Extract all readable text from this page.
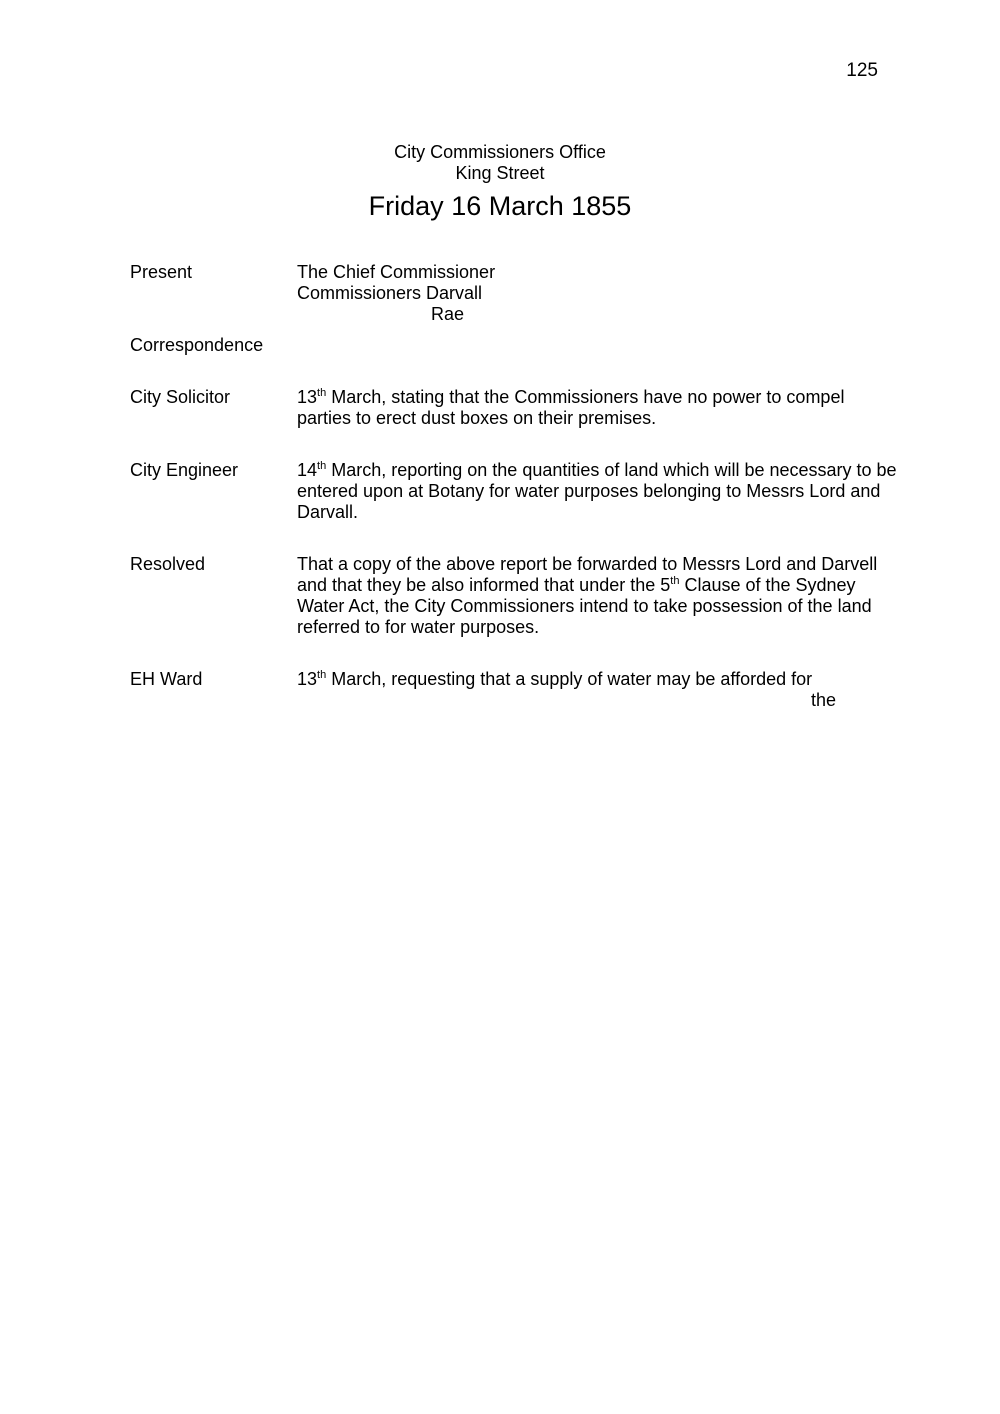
125
City Commissioners Office
King Street
Friday 16 March 1855
Present	The Chief Commissioner
Commissioners Darvall
Rae
Correspondence
City Solicitor	13th March, stating that the Commissioners have no power to compel parties to erect dust boxes on their premises.
City Engineer	14th March, reporting on the quantities of land which will be necessary to be entered upon at Botany for water purposes belonging to Messrs Lord and Darvall.
Resolved	That a copy of the above report be forwarded to Messrs Lord and Darvell and that they be also informed that under the 5th Clause of the Sydney Water Act, the City Commissioners intend to take possession of the land referred to for water purposes.
EH Ward	13th March, requesting that a supply of water may be afforded for
the
